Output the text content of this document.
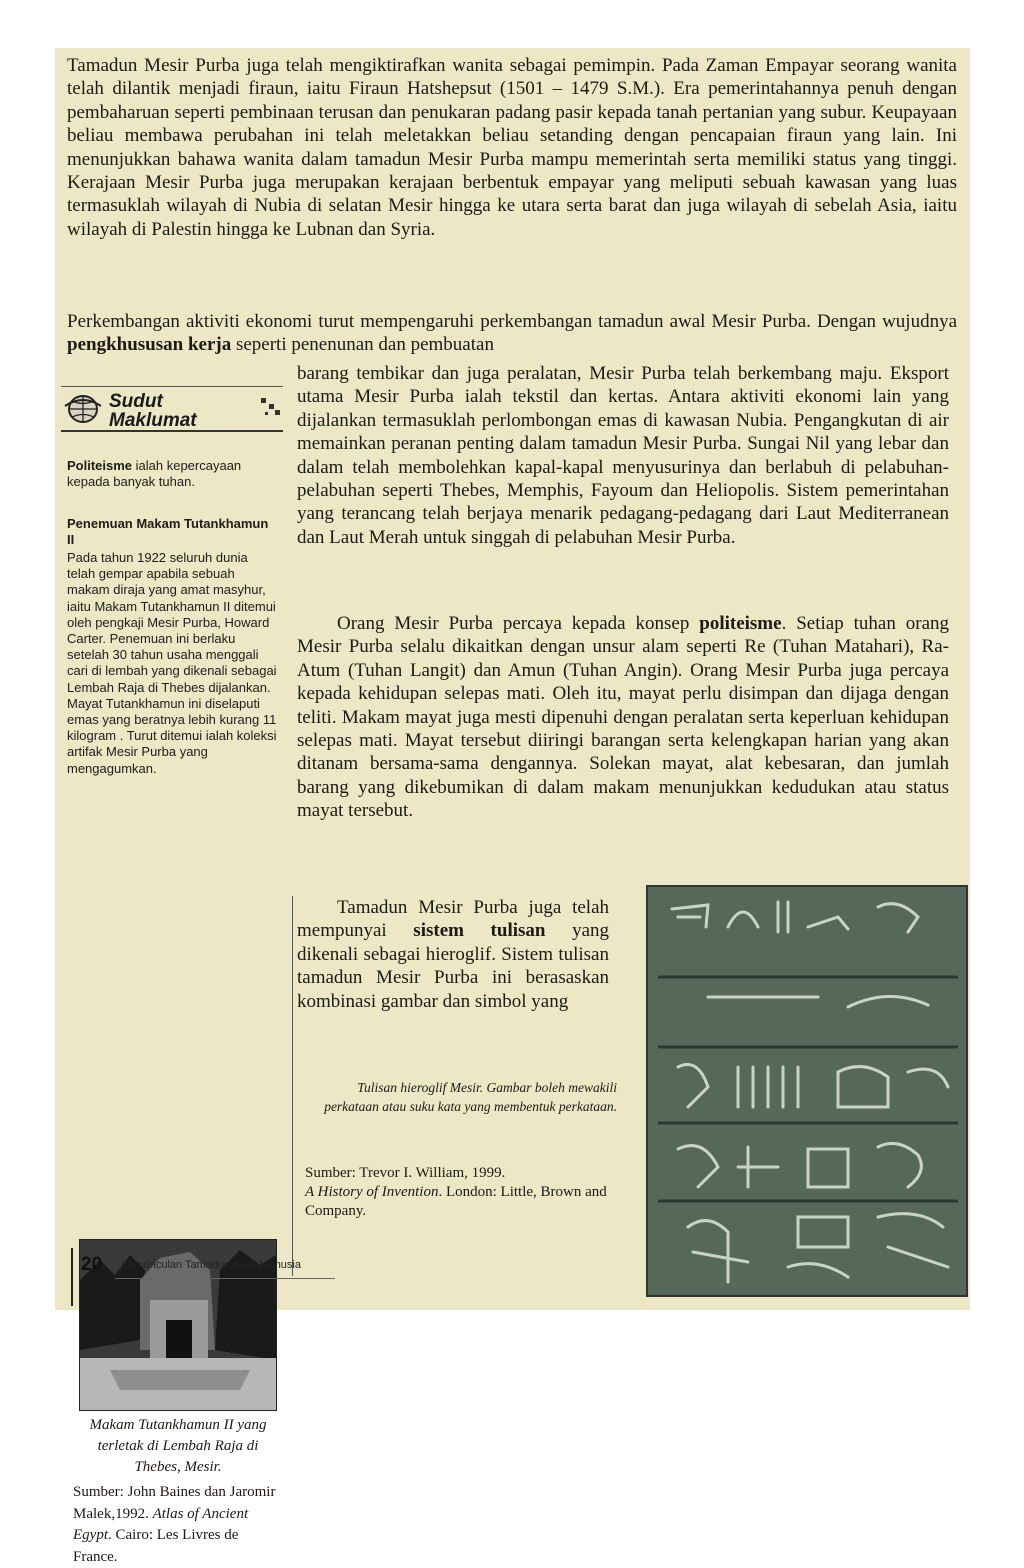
Tamadun Mesir Purba juga telah mengiktirafkan wanita sebagai pemimpin. Pada Zaman Empayar seorang wanita telah dilantik menjadi firaun, iaitu Firaun Hatshepsut (1501 – 1479 S.M.). Era pemerintahannya penuh dengan pembaharuan seperti pembinaan terusan dan penukaran padang pasir kepada tanah pertanian yang subur. Keupayaan beliau membawa perubahan ini telah meletakkan beliau setanding dengan pencapaian firaun yang lain. Ini menunjukkan bahawa wanita dalam tamadun Mesir Purba mampu memerintah serta memiliki status yang tinggi. Kerajaan Mesir Purba juga merupakan kerajaan berbentuk empayar yang meliputi sebuah kawasan yang luas termasuklah wilayah di Nubia di selatan Mesir hingga ke utara serta barat dan juga wilayah di sebelah Asia, iaitu wilayah di Palestin hingga ke Lubnan dan Syria.

Perkembangan aktiviti ekonomi turut mempengaruhi perkembangan tamadun awal Mesir Purba. Dengan wujudnya pengkhususan kerja seperti penenunan dan pembuatan

barang tembikar dan juga peralatan, Mesir Purba telah berkembang maju. Eksport utama Mesir Purba ialah tekstil dan kertas. Antara aktiviti ekonomi lain yang dijalankan termasuklah perlombongan emas di kawasan Nubia. Pengangkutan di air memainkan peranan penting dalam tamadun Mesir Purba. Sungai Nil yang lebar dan dalam telah membolehkan kapal-kapal menyusurinya dan berlabuh di pelabuhan-pelabuhan seperti Thebes, Memphis, Fayoum dan Heliopolis. Sistem pemerintahan yang terancang telah berjaya menarik pedagang-pedagang dari Laut Mediterranean dan Laut Merah untuk singgah di pelabuhan Mesir Purba.

Orang Mesir Purba percaya kepada konsep politeisme. Setiap tuhan orang Mesir Purba selalu dikaitkan dengan unsur alam seperti Re (Tuhan Matahari), Ra-Atum (Tuhan Langit) dan Amun (Tuhan Angin). Orang Mesir Purba juga percaya kepada kehidupan selepas mati. Oleh itu, mayat perlu disimpan dan dijaga dengan teliti. Makam mayat juga mesti dipenuhi dengan peralatan serta keperluan kehidupan selepas mati. Mayat tersebut diiringi barangan serta kelengkapan harian yang akan ditanam bersama-sama dengannya. Solekan mayat, alat kebesaran, dan jumlah barang yang dikebumikan di dalam makam menunjukkan kedudukan atau status mayat tersebut.

Tamadun Mesir Purba juga telah mempunyai sistem tulisan yang dikenali sebagai hieroglif. Sistem tulisan tamadun Mesir Purba ini berasaskan kombinasi gambar dan simbol yang

Sudut
Maklumat

Politeisme ialah kepercayaan kepada banyak tuhan.

Penemuan Makam Tutankhamun II

Pada tahun 1922 seluruh dunia telah gempar apabila sebuah makam diraja yang amat masyhur, iaitu Makam Tutankhamun II ditemui oleh pengkaji Mesir Purba, Howard Carter. Penemuan ini berlaku setelah 30 tahun usaha menggali cari di lembah yang dikenali sebagai Lembah Raja di Thebes dijalankan. Mayat Tutankhamun ini diselaputi emas yang beratnya lebih kurang 11 kilogram . Turut ditemui ialah koleksi artifak Mesir Purba yang mengagumkan.

Makam Tutankhamun II yang terletak di Lembah Raja di Thebes, Mesir.

Sumber: John Baines dan Jaromir Malek,1992. Atlas of Ancient Egypt. Cairo: Les Livres de France.

Tulisan hieroglif Mesir. Gambar boleh mewakili perkataan atau suku kata yang membentuk perkataan.

Sumber: Trevor I. William, 1999.
A History of Invention. London: Little, Brown and Company.

20 Kemunculan Tamadun Awal Manusia
